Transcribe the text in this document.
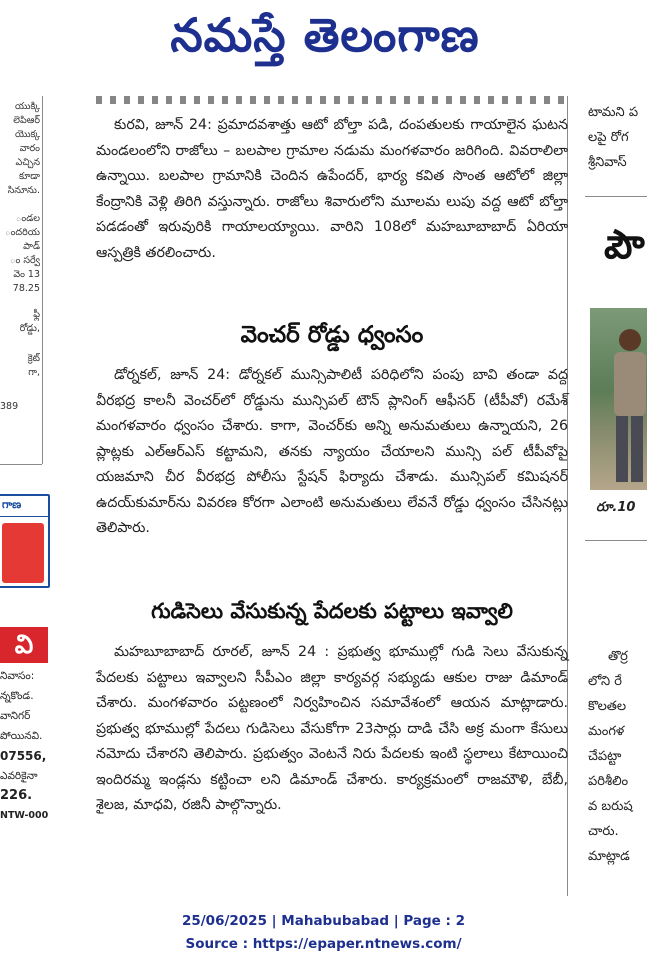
నమస్తే తెలంగాణ
యుక్కి
లెపిఆర్
యొక్క
వారం
ఎచ్చిన
కూడా
సినూను.
ండల
ందరియ
పాడ్
ం సర్వే
వెం 13
78.25
ఫ్లీ
రోడ్డు,
క్రెట్
గా,
389
గాణ
వి
నివాసం:
న్నకొండ.
వానిగర్
పోయినవి.
07556,
ఎవరికైనా
226.
NTW-000

కురవి, జూన్ 24: ప్రమాదవశాత్తు ఆటో బోల్తా పడి, దంపతులకు గాయాలైన ఘటన మండలంలోని రాజోలు – బలపాల గ్రామాల నడుమ మంగళవారం జరిగింది. వివరాలిలా ఉన్నాయి. బలపాల గ్రామానికి చెందిన ఉపేందర్, భార్య కవిత సొంత ఆటోలో జిల్లా కేంద్రానికి వెళ్లి తిరిగి వస్తున్నారు. రాజోలు శివారులోని మూలమ లుపు వద్ద ఆటో బోల్తా పడడంతో ఇరువురికి గాయాలయ్యాయి. వారిని 108లో మహబూబాబాద్ ఏరియా ఆస్పత్రికి తరలించారు.

వెంచర్ రోడ్డు ధ్వంసం

డోర్నకల్, జూన్ 24: డోర్నకల్ మున్సిపాలిటీ పరిధిలోని పంపు బావి తండా వద్ద వీరభద్ర కాలనీ వెంచర్‌లో రోడ్డును మున్సిపల్ టౌన్ ప్లానింగ్ ఆఫీసర్ (టీపీవో) రమేశ్ మంగళవారం ధ్వంసం చేశారు. కాగా, వెంచర్‌కు అన్ని అనుమతులు ఉన్నాయని, 26 ప్లాట్లకు ఎల్‌ఆర్‌ఎస్ కట్టామని, తనకు న్యాయం చేయాలని మున్సి పల్ టీపీవోపై యజమాని చీర వీరభద్ర పోలీసు స్టేషన్ ఫిర్యాదు చేశాడు. మున్సిపల్ కమిషనర్ ఉదయ్‌కుమార్‌ను వివరణ కోరగా ఎలాంటి అనుమతులు లేవనే రోడ్డు ధ్వంసం చేసినట్లు తెలిపారు.

గుడిసెలు వేసుకున్న పేదలకు పట్టాలు ఇవ్వాలి

మహబూబాబాద్ రూరల్, జూన్ 24 : ప్రభుత్వ భూముల్లో గుడి సెలు వేసుకున్న పేదలకు పట్టాలు ఇవ్వాలని సీపీఎం జిల్లా కార్యవర్గ సభ్యుడు ఆకుల రాజు డిమాండ్ చేశారు. మంగళవారం పట్టణంలో నిర్వహించిన సమావేశంలో ఆయన మాట్లాడారు. ప్రభుత్వ భూముల్లో పేదలు గుడిసెలు వేసుకోగా 23సార్లు దాడి చేసి అక్ర మంగా కేసులు నమోదు చేశారని తెలిపారు. ప్రభుత్వం వెంటనే నిరు పేదలకు ఇంటి స్థలాలు కేటాయించి ఇందిరమ్మ ఇండ్లను కట్టించా లని డిమాండ్ చేశారు. కార్యక్రమంలో రాజమౌళి, బేబీ, శైలజ, మాధవి, రజినీ పాల్గొన్నారు.

టామని ప
లపై రోగ
శ్రీనివాస్
పౌ
రూ.10
తొర్ర
లోని రే
కొలతల
మంగళ
చేపట్టా
పరిశీలిం
వ బరుష
చారు.
మాట్లాడ
25/06/2025 | Mahabubabad | Page : 2
Source : https://epaper.ntnews.com/
